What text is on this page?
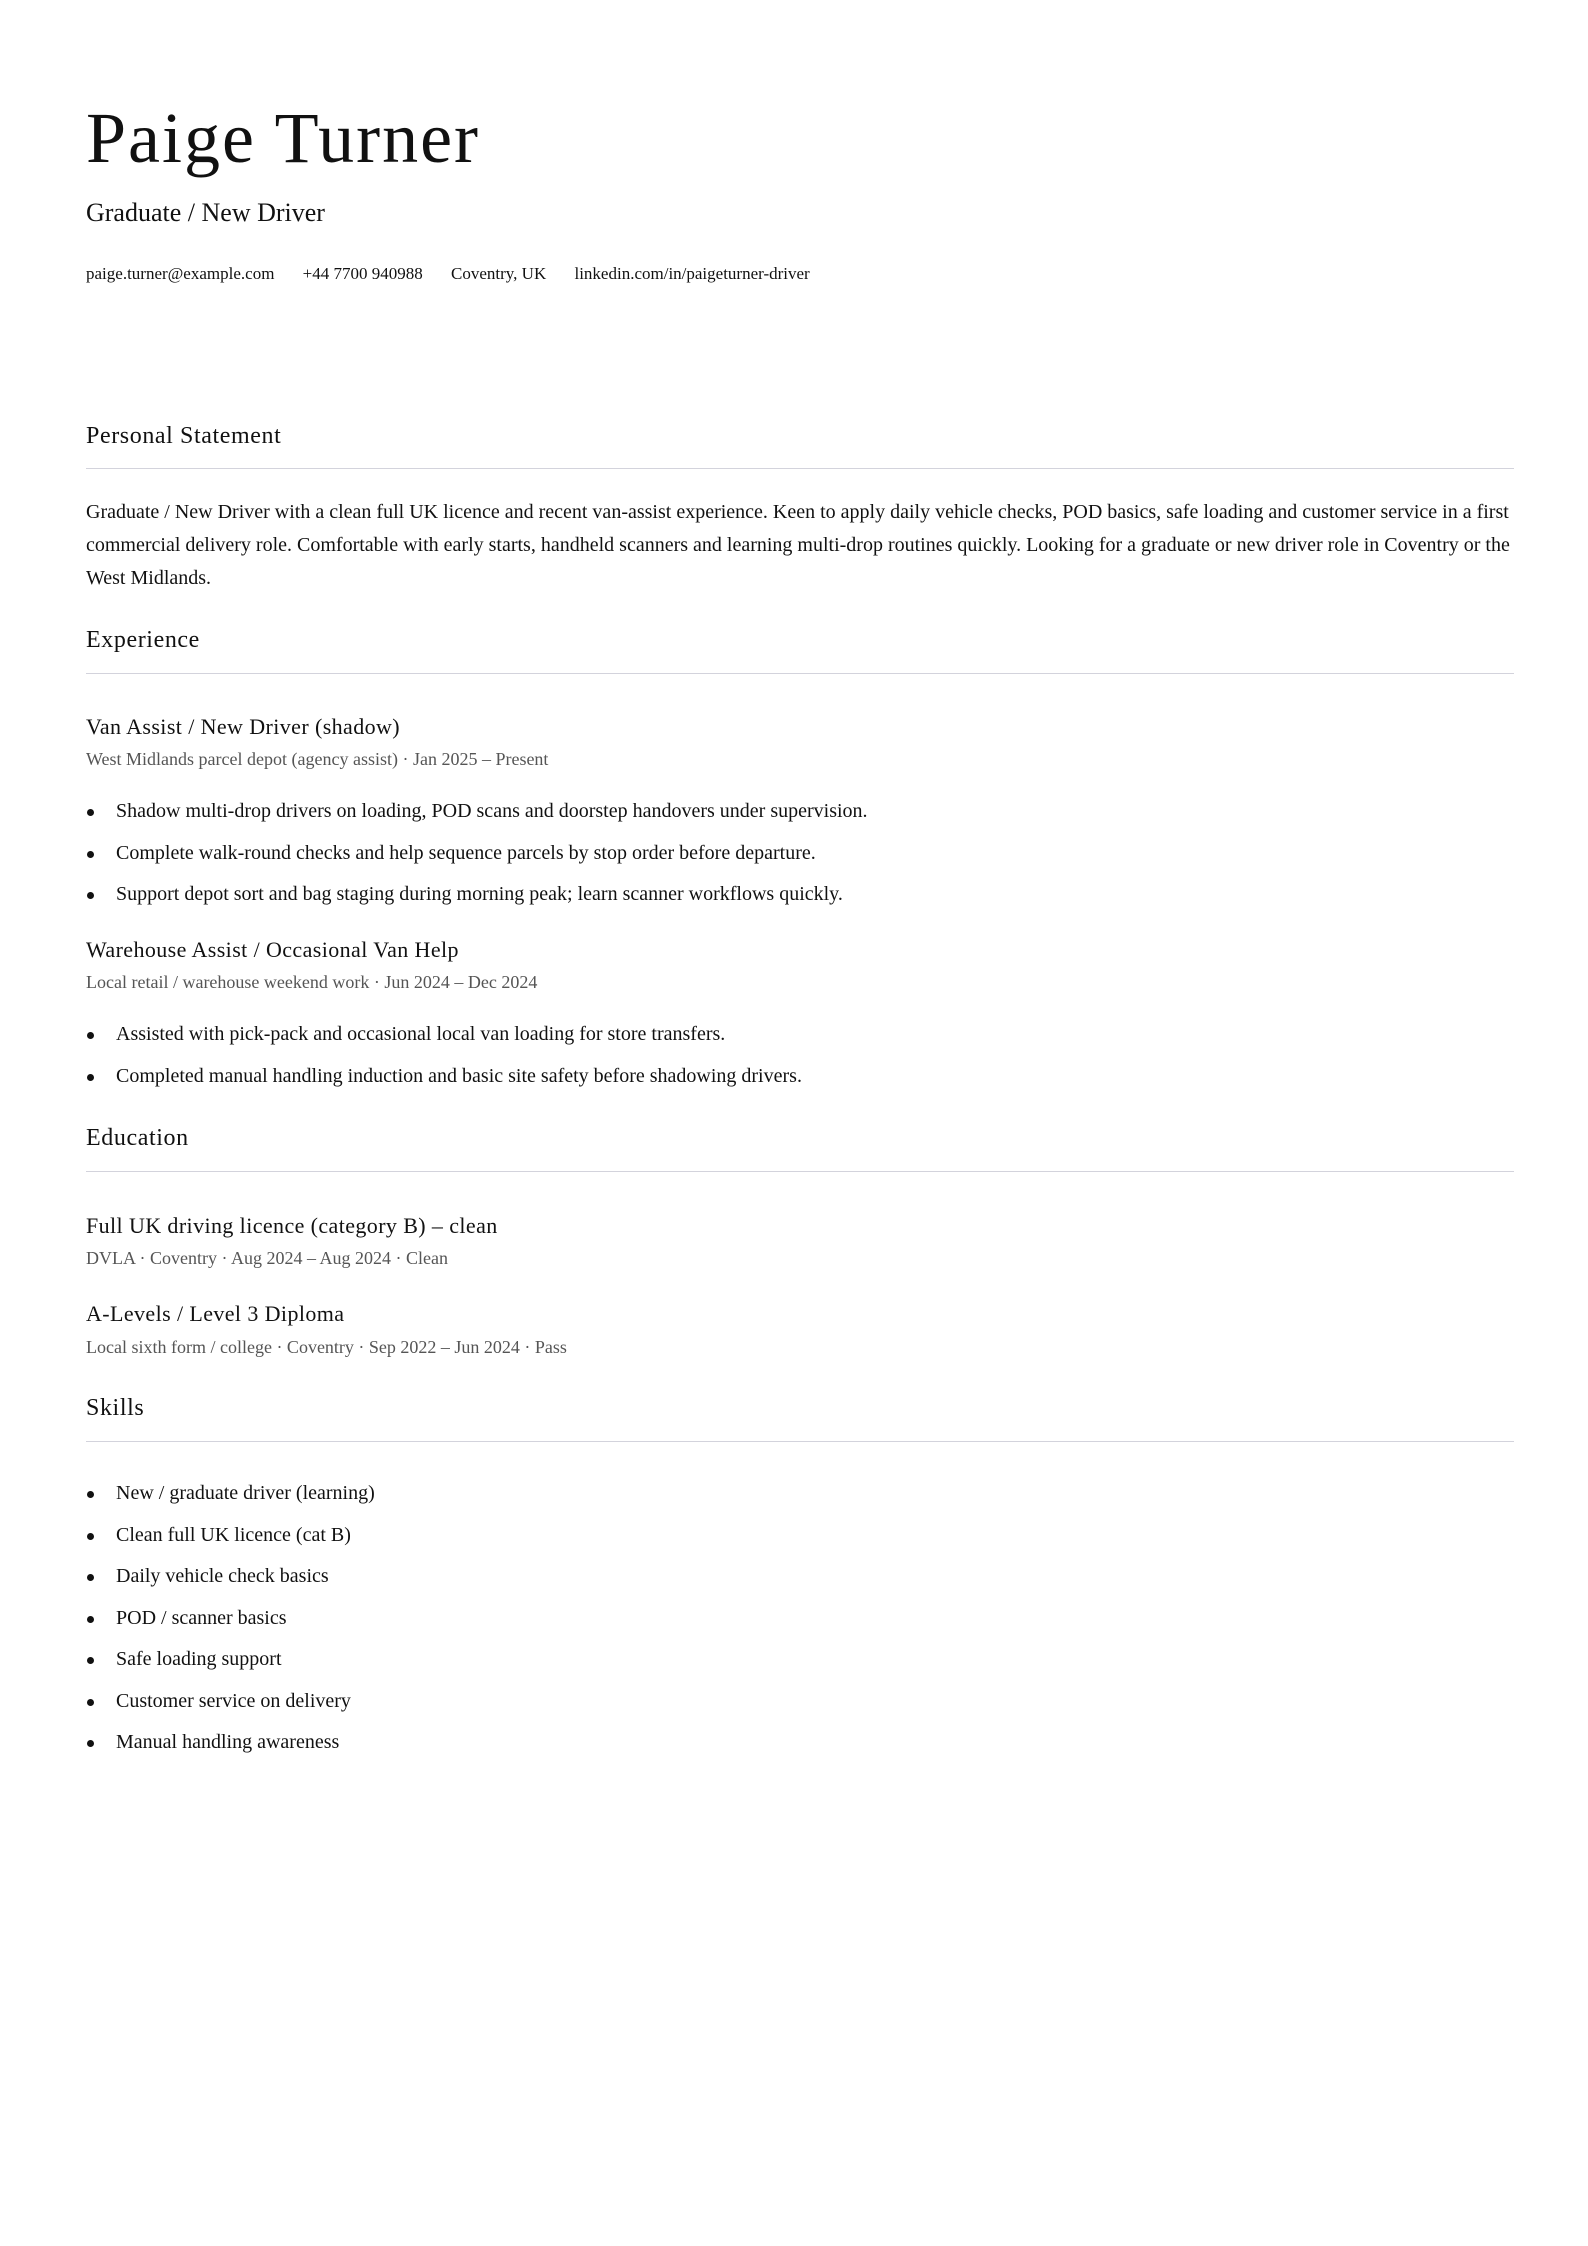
Paige Turner
Graduate / New Driver
paige.turner@example.com +44 7700 940988 Coventry, UK linkedin.com/in/paigeturner-driver
Personal Statement

Graduate / New Driver with a clean full UK licence and recent van-assist experience. Keen to apply daily vehicle checks, POD basics, safe loading and customer service in a first commercial delivery role. Comfortable with early starts, handheld scanners and learning multi-drop routines quickly. Looking for a graduate or new driver role in Coventry or the West Midlands.

Experience
Van Assist / New Driver (shadow)
West Midlands parcel depot (agency assist) · Jan 2025 – Present
Shadow multi-drop drivers on loading, POD scans and doorstep handovers under supervision.
Complete walk-round checks and help sequence parcels by stop order before departure.
Support depot sort and bag staging during morning peak; learn scanner workflows quickly.
Warehouse Assist / Occasional Van Help
Local retail / warehouse weekend work · Jun 2024 – Dec 2024
Assisted with pick-pack and occasional local van loading for store transfers.
Completed manual handling induction and basic site safety before shadowing drivers.
Education
Full UK driving licence (category B) – clean
DVLA · Coventry · Aug 2024 – Aug 2024 · Clean
A-Levels / Level 3 Diploma
Local sixth form / college · Coventry · Sep 2022 – Jun 2024 · Pass
Skills
New / graduate driver (learning)
Clean full UK licence (cat B)
Daily vehicle check basics
POD / scanner basics
Safe loading support
Customer service on delivery
Manual handling awareness
